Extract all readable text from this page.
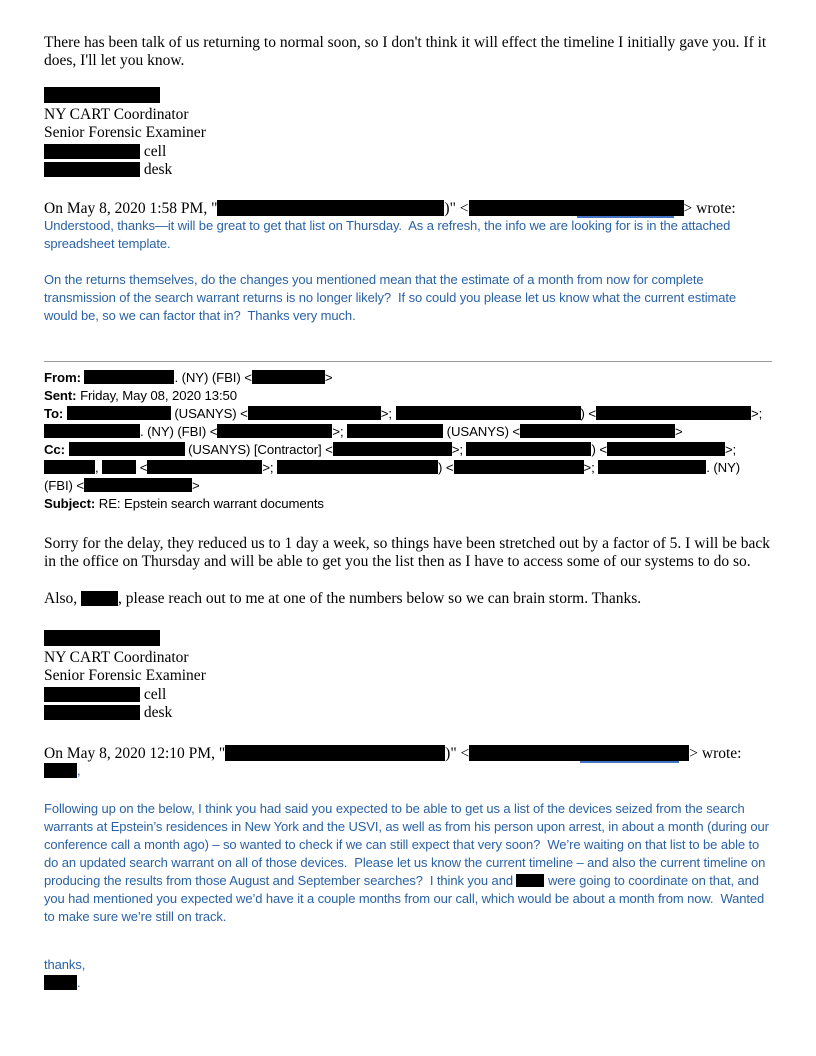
There has been talk of us returning to normal soon, so I don't think it will effect the timeline I initially gave you. If it does, I'll let you know.

NY CART Coordinator
Senior Forensic Examiner
cell
desk

On May 8, 2020 1:58 PM, "	)" <	> wrote:

Understood, thanks—it will be great to get that list on Thursday.  As a refresh, the info we are looking for is in the attached spreadsheet template.

On the returns themselves, do the changes you mentioned mean that the estimate of a month from now for complete transmission of the search warrant returns is no longer likely?  If so could you please let us know what the current estimate would be, so we can factor that in?  Thanks very much.

From:	. (NY) (FBI) <	>
Sent: Friday, May 08, 2020 13:50
To:	(USANYS) <	>;	) <	>;
. (NY) (FBI) <	>;	(USANYS) <	>
Cc:	(USANYS) [Contractor] <	>;	) <	>;
,	<	>;	) <	>;	. (NY)
(FBI) <	>
Subject: RE: Epstein search warrant documents

Sorry for the delay, they reduced us to 1 day a week, so things have been stretched out by a factor of 5. I will be back in the office on Thursday and will be able to get you the list then as I have to access some of our systems to do so.

Also, , please reach out to me at one of the numbers below so we can brain storm. Thanks.

NY CART Coordinator
Senior Forensic Examiner
cell
desk

On May 8, 2020 12:10 PM, "	)" <	> wrote:

,

Following up on the below, I think you had said you expected to be able to get us a list of the devices seized from the search warrants at Epstein’s residences in New York and the USVI, as well as from his person upon arrest, in about a month (during our conference call a month ago) – so wanted to check if we can still expect that very soon?  We’re waiting on that list to be able to do an updated search warrant on all of those devices.  Please let us know the current timeline – and also the current timeline on producing the results from those August and September searches?  I think you and  were going to coordinate on that, and you had mentioned you expected we’d have it a couple months from our call, which would be about a month from now.  Wanted to make sure we’re still on track.

thanks,

.
